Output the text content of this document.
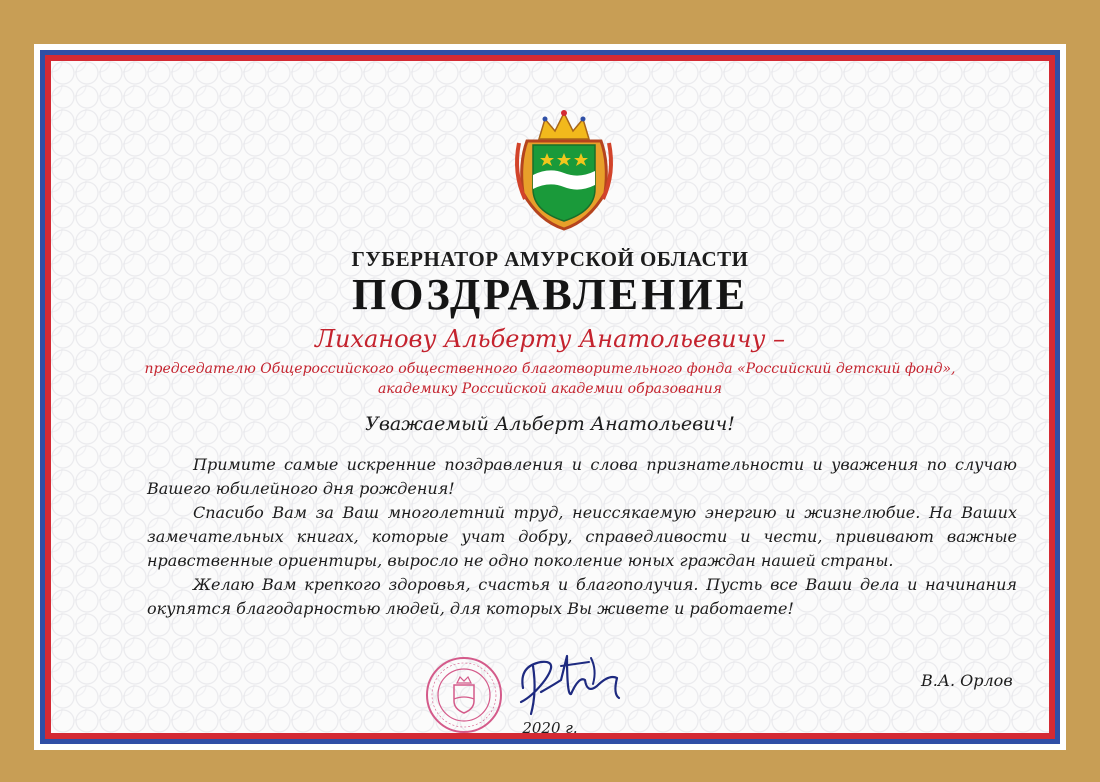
ГУБЕРНАТОР АМУРСКОЙ ОБЛАСТИ
ПОЗДРАВЛЕНИЕ
Лиханову Альберту Анатольевичу –
председателю Общероссийского общественного благотворительного фонда «Российский детский фонд»,
академику Российской академии образования
Уважаемый Альберт Анатольевич!

Примите самые искренние поздравления и слова признательности и уважения по случаю Вашего юбилейного дня рождения!

Спасибо Вам за Ваш многолетний труд, неиссякаемую энергию и жизнелюбие. На Ваших замечательных книгах, которые учат добру, справедливости и чести, прививают важные нравственные ориентиры, выросло не одно поколение юных граждан нашей страны.

Желаю Вам крепкого здоровья, счастья и благополучия. Пусть все Ваши дела и начинания окупятся благодарностью людей, для которых Вы живете и работаете!

В.А. Орлов
2020 г.
